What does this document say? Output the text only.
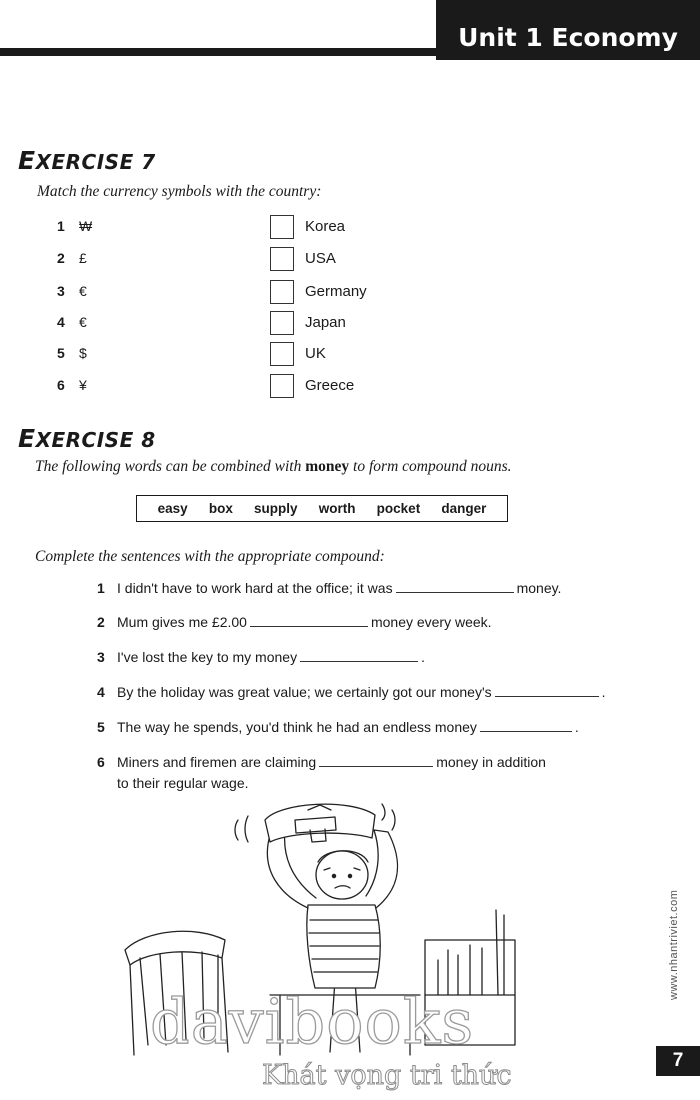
Unit 1 Economy
EXERCISE 7
Match the currency symbols with the country:
1 ₩	Korea
2 £	USA
3 €	Germany
4 €	Japan
5 $	UK
6 ¥	Greece
EXERCISE 8
The following words can be combined with money to form compound nouns.
easy box supply worth pocket danger
Complete the sentences with the appropriate compound:
1 I didn't have to work hard at the office; it was	money.
2 Mum gives me £2.00	money every week.
3 I've lost the key to my money	.
4 By the holiday was great value; we certainly got our money's	.
5 The way he spends, you'd think he had an endless money	.
6 Miners and firemen are claiming	money in addition
to their regular wage.
davibooks
Khát vọng tri thức
www.nhantriviet.com
7
